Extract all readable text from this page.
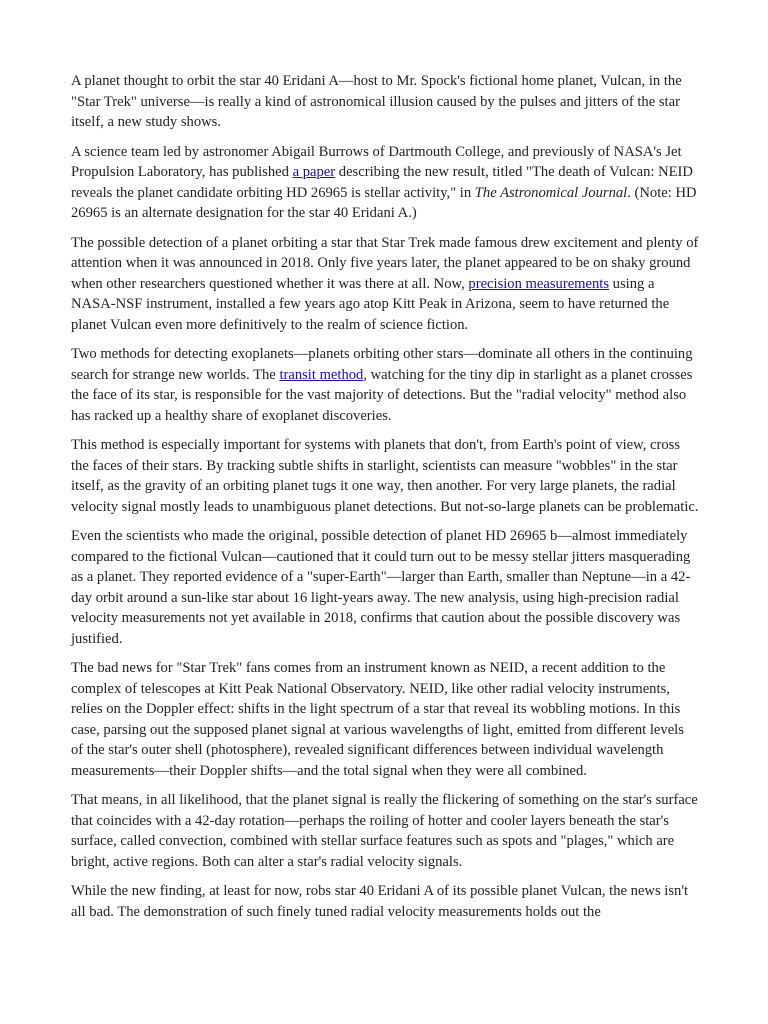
A planet thought to orbit the star 40 Eridani A—host to Mr. Spock's fictional home planet, Vulcan, in the "Star Trek" universe—is really a kind of astronomical illusion caused by the pulses and jitters of the star itself, a new study shows.

A science team led by astronomer Abigail Burrows of Dartmouth College, and previously of NASA's Jet Propulsion Laboratory, has published a paper describing the new result, titled "The death of Vulcan: NEID reveals the planet candidate orbiting HD 26965 is stellar activity," in The Astronomical Journal. (Note: HD 26965 is an alternate designation for the star 40 Eridani A.)

The possible detection of a planet orbiting a star that Star Trek made famous drew excitement and plenty of attention when it was announced in 2018. Only five years later, the planet appeared to be on shaky ground when other researchers questioned whether it was there at all. Now, precision measurements using a NASA-NSF instrument, installed a few years ago atop Kitt Peak in Arizona, seem to have returned the planet Vulcan even more definitively to the realm of science fiction.

Two methods for detecting exoplanets—planets orbiting other stars—dominate all others in the continuing search for strange new worlds. The transit method, watching for the tiny dip in starlight as a planet crosses the face of its star, is responsible for the vast majority of detections. But the "radial velocity" method also has racked up a healthy share of exoplanet discoveries.

This method is especially important for systems with planets that don't, from Earth's point of view, cross the faces of their stars. By tracking subtle shifts in starlight, scientists can measure "wobbles" in the star itself, as the gravity of an orbiting planet tugs it one way, then another. For very large planets, the radial velocity signal mostly leads to unambiguous planet detections. But not-so-large planets can be problematic.

Even the scientists who made the original, possible detection of planet HD 26965 b—almost immediately compared to the fictional Vulcan—cautioned that it could turn out to be messy stellar jitters masquerading as a planet. They reported evidence of a "super-Earth"—larger than Earth, smaller than Neptune—in a 42-day orbit around a sun-like star about 16 light-years away. The new analysis, using high-precision radial velocity measurements not yet available in 2018, confirms that caution about the possible discovery was justified.

The bad news for "Star Trek" fans comes from an instrument known as NEID, a recent addition to the complex of telescopes at Kitt Peak National Observatory. NEID, like other radial velocity instruments, relies on the Doppler effect: shifts in the light spectrum of a star that reveal its wobbling motions. In this case, parsing out the supposed planet signal at various wavelengths of light, emitted from different levels of the star's outer shell (photosphere), revealed significant differences between individual wavelength measurements—their Doppler shifts—and the total signal when they were all combined.

That means, in all likelihood, that the planet signal is really the flickering of something on the star's surface that coincides with a 42-day rotation—perhaps the roiling of hotter and cooler layers beneath the star's surface, called convection, combined with stellar surface features such as spots and "plages," which are bright, active regions. Both can alter a star's radial velocity signals.

While the new finding, at least for now, robs star 40 Eridani A of its possible planet Vulcan, the news isn't all bad. The demonstration of such finely tuned radial velocity measurements holds out the
